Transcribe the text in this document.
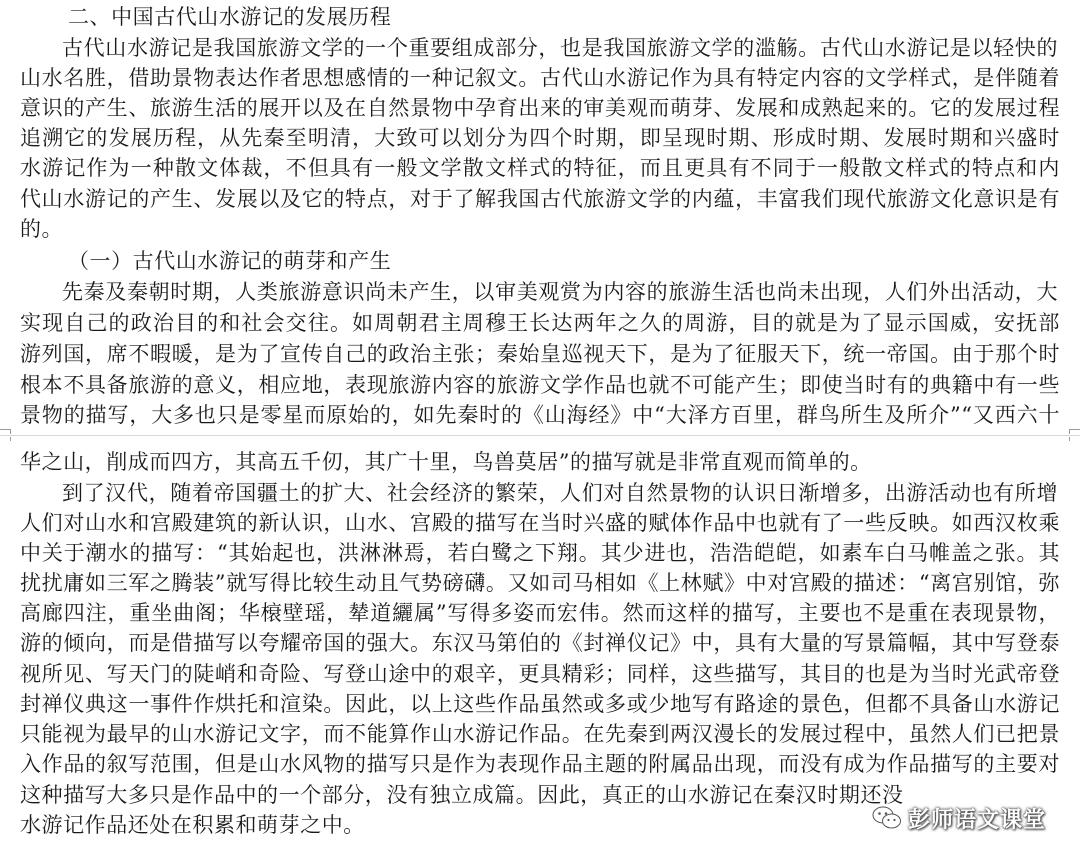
二、中国古代山水游记的发展历程
古代山水游记是我国旅游文学的一个重要组成部分，也是我国旅游文学的滥觞。古代山水游记是以轻快的
山水名胜，借助景物表达作者思想感情的一种记叙文。古代山水游记作为具有特定内容的文学样式，是伴随着
意识的产生、旅游生活的展开以及在自然景物中孕育出来的审美观而萌芽、发展和成熟起来的。它的发展过程
追溯它的发展历程，从先秦至明清，大致可以划分为四个时期，即呈现时期、形成时期、发展时期和兴盛时
水游记作为一种散文体裁，不但具有一般文学散文样式的特征，而且更具有不同于一般散文样式的特点和内
代山水游记的产生、发展以及它的特点，对于了解我国古代旅游文学的内蕴，丰富我们现代旅游文化意识是有
的。
（一）古代山水游记的萌芽和产生
先秦及秦朝时期，人类旅游意识尚未产生，以审美观赏为内容的旅游生活也尚未出现，人们外出活动，大
实现自己的政治目的和社会交往。如周朝君主周穆王长达两年之久的周游，目的就是为了显示国威，安抚部
游列国，席不暇暖，是为了宣传自己的政治主张；秦始皇巡视天下，是为了征服天下，统一帝国。由于那个时
根本不具备旅游的意义，相应地，表现旅游内容的旅游文学作品也就不可能产生；即使当时有的典籍中有一些
景物的描写，大多也只是零星而原始的，如先秦时的《山海经》中“大泽方百里，群鸟所生及所介”“又西六十
华之山，削成而四方，其高五千仞，其广十里，鸟兽莫居”的描写就是非常直观而简单的。
到了汉代，随着帝国疆土的扩大、社会经济的繁荣，人们对自然景物的认识日渐增多，出游活动也有所增
人们对山水和宫殿建筑的新认识，山水、宫殿的描写在当时兴盛的赋体作品中也就有了一些反映。如西汉枚乘
中关于潮水的描写：“其始起也，洪淋淋焉，若白鹭之下翔。其少进也，浩浩皑皑，如素车白马帷盖之张。其
扰扰庸如三军之腾装”就写得比较生动且气势磅礴。又如司马相如《上林赋》中对宫殿的描述：“离宫别馆，弥
高廊四注，重坐曲阁；华榱壁瑶，辇道纚属”写得多姿而宏伟。然而这样的描写，主要也不是重在表现景物，
游的倾向，而是借描写以夸耀帝国的强大。东汉马第伯的《封禅仪记》中，具有大量的写景篇幅，其中写登泰
视所见、写天门的陡峭和奇险、写登山途中的艰辛，更具精彩；同样，这些描写，其目的也是为当时光武帝登
封禅仪典这一事件作烘托和渲染。因此，以上这些作品虽然或多或少地写有路途的景色，但都不具备山水游记
只能视为最早的山水游记文字，而不能算作山水游记作品。在先秦到两汉漫长的发展过程中，虽然人们已把景
入作品的叙写范围，但是山水风物的描写只是作为表现作品主题的附属品出现，而没有成为作品描写的主要对
这种描写大多只是作品中的一个部分，没有独立成篇。因此，真正的山水游记在秦汉时期还没
水游记作品还处在积累和萌芽之中。	彭师语文课堂
